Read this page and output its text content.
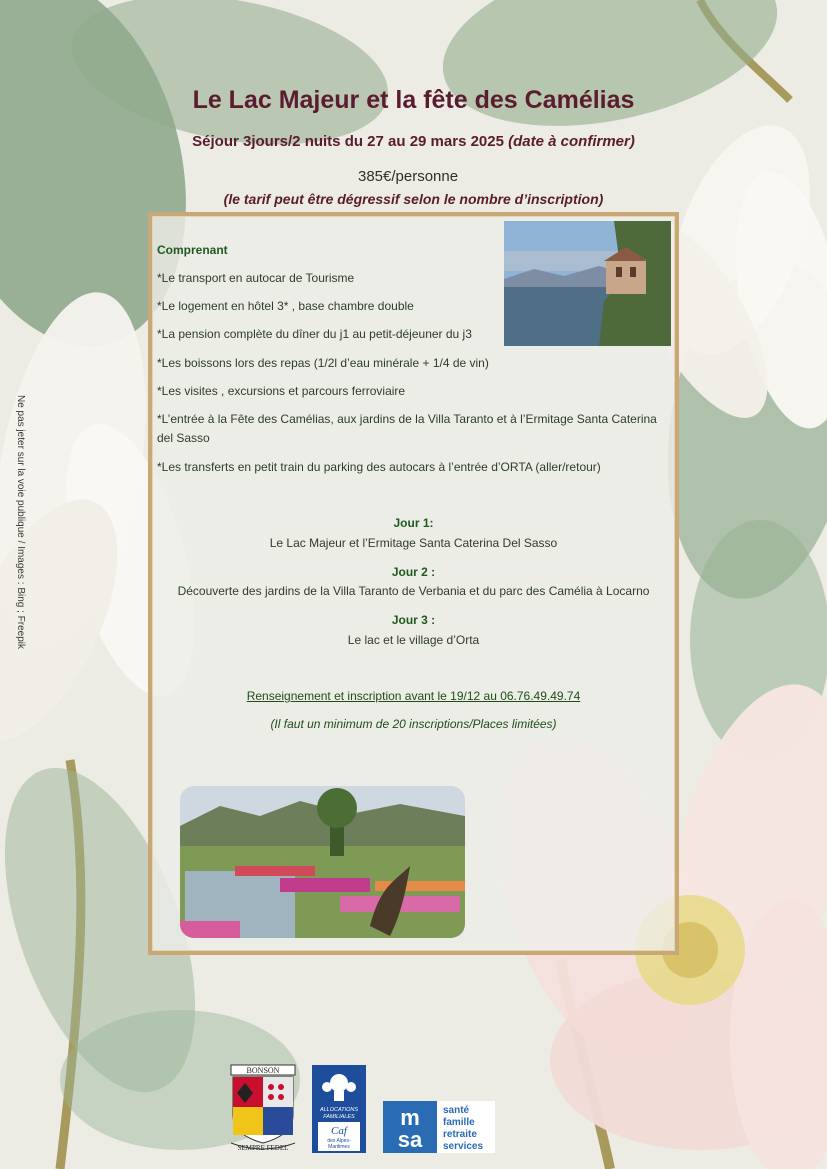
Le Lac Majeur et la fête des Camélias
Séjour 3jours/2 nuits du 27 au 29 mars 2025 (date à confirmer)
385€/personne
(le tarif peut être dégressif selon le nombre d’inscription)
Comprenant
*Le transport en autocar de Tourisme
*Le logement en hôtel 3* , base chambre double
*La pension complète du dîner du j1 au petit-déjeuner du j3
*Les boissons lors des repas (1/2l d’eau minérale + 1/4 de vin)
*Les visites , excursions et parcours ferroviaire
*L’entrée à la Fête des Camélias, aux jardins de la Villa Taranto et à l’Ermitage Santa Caterina del Sasso
*Les transferts en petit train du parking des autocars à l’entrée d’ORTA (aller/retour)
Jour 1:
Le Lac Majeur et l’Ermitage Santa Caterina Del Sasso
Jour 2 :
Découverte des jardins de la Villa Taranto de Verbania et du parc des Camélia à Locarno
Jour 3 :
Le lac et le village d’Orta
Renseignement et inscription avant le 19/12 au 06.76.49.49.74
(Il faut un minimum de 20 inscriptions/Places limitées)
Ne pas jeter sur la voie publique / Images : Bing ; Freepik
BONSON
SEMPRE FEDEL
ALLOCATIONS
FAMILIALES
Caf
des Alpes-
Maritimes
m
sa
santé
famille
retraite
services
